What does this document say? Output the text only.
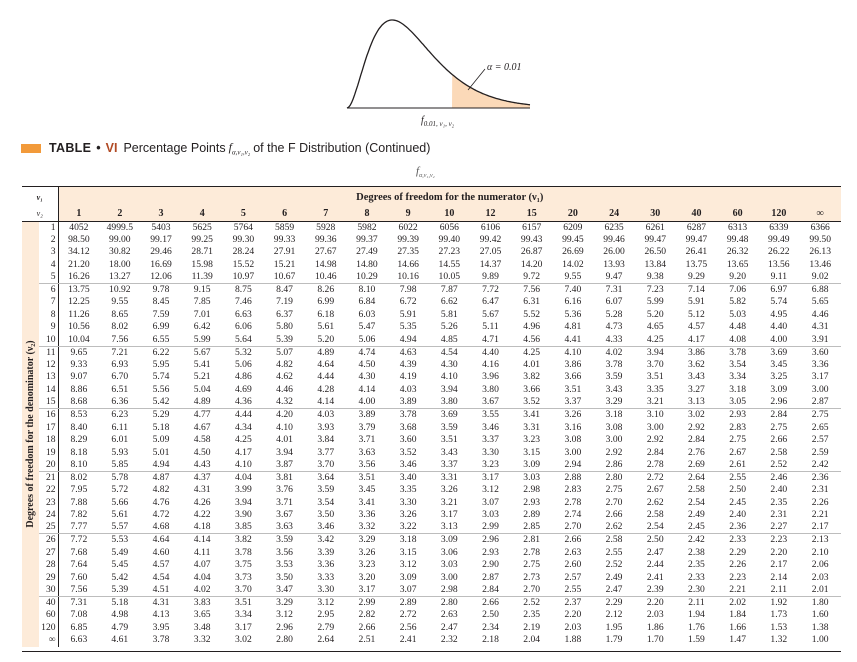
α = 0.01
$f_{0.01, \nu_1, \nu_2}$
TABLE • VI Percentage Points $f_{\alpha,\nu_1,\nu_2}$ of the F Distribution (Continued)
$f_{\alpha,\nu_1,\nu_2}$
ν₁		Degrees of freedom for the numerator (ν₁)																		
ν₂		1	2	3	4	5	6	7	8	9	10	12	15	20	24	30	40	60	120	∞

Degrees of freedom for the denominator (ν₂)	1	4052	4999.5	5403	5625	5764	5859	5928	5982	6022	6056	6106	6157	6209	6235	6261	6287	6313	6339	6366
	2	98.50	99.00	99.17	99.25	99.30	99.33	99.36	99.37	99.39	99.40	99.42	99.43	99.45	99.46	99.47	99.47	99.48	99.49	99.50
	3	34.12	30.82	29.46	28.71	28.24	27.91	27.67	27.49	27.35	27.23	27.05	26.87	26.69	26.00	26.50	26.41	26.32	26.22	26.13
	4	21.20	18.00	16.69	15.98	15.52	15.21	14.98	14.80	14.66	14.55	14.37	14.20	14.02	13.93	13.84	13.75	13.65	13.56	13.46
	5	16.26	13.27	12.06	11.39	10.97	10.67	10.46	10.29	10.16	10.05	9.89	9.72	9.55	9.47	9.38	9.29	9.20	9.11	9.02
	6	13.75	10.92	9.78	9.15	8.75	8.47	8.26	8.10	7.98	7.87	7.72	7.56	7.40	7.31	7.23	7.14	7.06	6.97	6.88
	7	12.25	9.55	8.45	7.85	7.46	7.19	6.99	6.84	6.72	6.62	6.47	6.31	6.16	6.07	5.99	5.91	5.82	5.74	5.65
	8	11.26	8.65	7.59	7.01	6.63	6.37	6.18	6.03	5.91	5.81	5.67	5.52	5.36	5.28	5.20	5.12	5.03	4.95	4.46
	9	10.56	8.02	6.99	6.42	6.06	5.80	5.61	5.47	5.35	5.26	5.11	4.96	4.81	4.73	4.65	4.57	4.48	4.40	4.31
	10	10.04	7.56	6.55	5.99	5.64	5.39	5.20	5.06	4.94	4.85	4.71	4.56	4.41	4.33	4.25	4.17	4.08	4.00	3.91
	11	9.65	7.21	6.22	5.67	5.32	5.07	4.89	4.74	4.63	4.54	4.40	4.25	4.10	4.02	3.94	3.86	3.78	3.69	3.60
	12	9.33	6.93	5.95	5.41	5.06	4.82	4.64	4.50	4.39	4.30	4.16	4.01	3.86	3.78	3.70	3.62	3.54	3.45	3.36
	13	9.07	6.70	5.74	5.21	4.86	4.62	4.44	4.30	4.19	4.10	3.96	3.82	3.66	3.59	3.51	3.43	3.34	3.25	3.17
	14	8.86	6.51	5.56	5.04	4.69	4.46	4.28	4.14	4.03	3.94	3.80	3.66	3.51	3.43	3.35	3.27	3.18	3.09	3.00
	15	8.68	6.36	5.42	4.89	4.36	4.32	4.14	4.00	3.89	3.80	3.67	3.52	3.37	3.29	3.21	3.13	3.05	2.96	2.87
	16	8.53	6.23	5.29	4.77	4.44	4.20	4.03	3.89	3.78	3.69	3.55	3.41	3.26	3.18	3.10	3.02	2.93	2.84	2.75
	17	8.40	6.11	5.18	4.67	4.34	4.10	3.93	3.79	3.68	3.59	3.46	3.31	3.16	3.08	3.00	2.92	2.83	2.75	2.65
	18	8.29	6.01	5.09	4.58	4.25	4.01	3.84	3.71	3.60	3.51	3.37	3.23	3.08	3.00	2.92	2.84	2.75	2.66	2.57
	19	8.18	5.93	5.01	4.50	4.17	3.94	3.77	3.63	3.52	3.43	3.30	3.15	3.00	2.92	2.84	2.76	2.67	2.58	2.59
	20	8.10	5.85	4.94	4.43	4.10	3.87	3.70	3.56	3.46	3.37	3.23	3.09	2.94	2.86	2.78	2.69	2.61	2.52	2.42
	21	8.02	5.78	4.87	4.37	4.04	3.81	3.64	3.51	3.40	3.31	3.17	3.03	2.88	2.80	2.72	2.64	2.55	2.46	2.36
	22	7.95	5.72	4.82	4.31	3.99	3.76	3.59	3.45	3.35	3.26	3.12	2.98	2.83	2.75	2.67	2.58	2.50	2.40	2.31
	23	7.88	5.66	4.76	4.26	3.94	3.71	3.54	3.41	3.30	3.21	3.07	2.93	2.78	2.70	2.62	2.54	2.45	2.35	2.26
	24	7.82	5.61	4.72	4.22	3.90	3.67	3.50	3.36	3.26	3.17	3.03	2.89	2.74	2.66	2.58	2.49	2.40	2.31	2.21
	25	7.77	5.57	4.68	4.18	3.85	3.63	3.46	3.32	3.22	3.13	2.99	2.85	2.70	2.62	2.54	2.45	2.36	2.27	2.17
	26	7.72	5.53	4.64	4.14	3.82	3.59	3.42	3.29	3.18	3.09	2.96	2.81	2.66	2.58	2.50	2.42	2.33	2.23	2.13
	27	7.68	5.49	4.60	4.11	3.78	3.56	3.39	3.26	3.15	3.06	2.93	2.78	2.63	2.55	2.47	2.38	2.29	2.20	2.10
	28	7.64	5.45	4.57	4.07	3.75	3.53	3.36	3.23	3.12	3.03	2.90	2.75	2.60	2.52	2.44	2.35	2.26	2.17	2.06
	29	7.60	5.42	4.54	4.04	3.73	3.50	3.33	3.20	3.09	3.00	2.87	2.73	2.57	2.49	2.41	2.33	2.23	2.14	2.03
	30	7.56	5.39	4.51	4.02	3.70	3.47	3.30	3.17	3.07	2.98	2.84	2.70	2.55	2.47	2.39	2.30	2.21	2.11	2.01
	40	7.31	5.18	4.31	3.83	3.51	3.29	3.12	2.99	2.89	2.80	2.66	2.52	2.37	2.29	2.20	2.11	2.02	1.92	1.80
	60	7.08	4.98	4.13	3.65	3.34	3.12	2.95	2.82	2.72	2.63	2.50	2.35	2.20	2.12	2.03	1.94	1.84	1.73	1.60
	120	6.85	4.79	3.95	3.48	3.17	2.96	2.79	2.66	2.56	2.47	2.34	2.19	2.03	1.95	1.86	1.76	1.66	1.53	1.38
	∞	6.63	4.61	3.78	3.32	3.02	2.80	2.64	2.51	2.41	2.32	2.18	2.04	1.88	1.79	1.70	1.59	1.47	1.32	1.00
